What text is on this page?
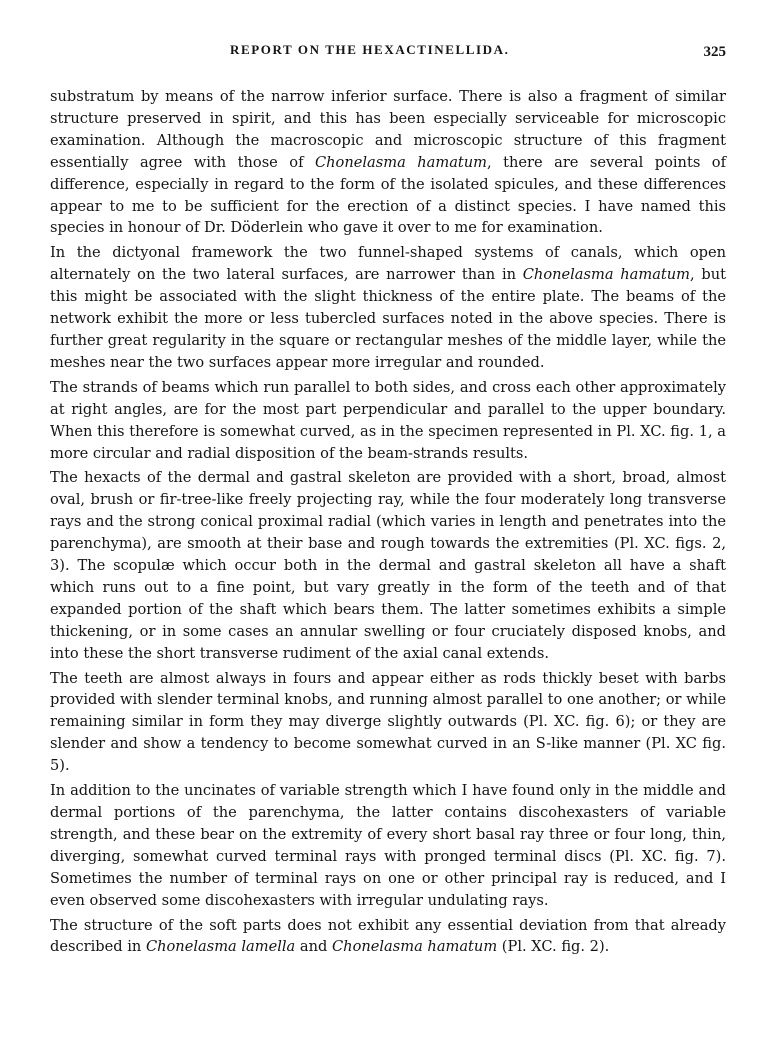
REPORT ON THE HEXACTINELLIDA.	325

substratum by means of the narrow inferior surface. There is also a fragment of similar structure preserved in spirit, and this has been especially serviceable for microscopic examination. Although the macroscopic and microscopic structure of this fragment essentially agree with those of Chonelasma hamatum, there are several points of difference, especially in regard to the form of the isolated spicules, and these differences appear to me to be sufficient for the erection of a distinct species. I have named this species in honour of Dr. Döderlein who gave it over to me for examination.

In the dictyonal framework the two funnel-shaped systems of canals, which open alternately on the two lateral surfaces, are narrower than in Chonelasma hamatum, but this might be associated with the slight thickness of the entire plate. The beams of the network exhibit the more or less tubercled surfaces noted in the above species. There is further great regularity in the square or rectangular meshes of the middle layer, while the meshes near the two surfaces appear more irregular and rounded.

The strands of beams which run parallel to both sides, and cross each other approximately at right angles, are for the most part perpendicular and parallel to the upper boundary. When this therefore is somewhat curved, as in the specimen represented in Pl. XC. fig. 1, a more circular and radial disposition of the beam-strands results.

The hexacts of the dermal and gastral skeleton are provided with a short, broad, almost oval, brush or fir-tree-like freely projecting ray, while the four moderately long transverse rays and the strong conical proximal radial (which varies in length and penetrates into the parenchyma), are smooth at their base and rough towards the extremities (Pl. XC. figs. 2, 3). The scopulæ which occur both in the dermal and gastral skeleton all have a shaft which runs out to a fine point, but vary greatly in the form of the teeth and of that expanded portion of the shaft which bears them. The latter sometimes exhibits a simple thickening, or in some cases an annular swelling or four cruciately disposed knobs, and into these the short transverse rudiment of the axial canal extends.

The teeth are almost always in fours and appear either as rods thickly beset with barbs provided with slender terminal knobs, and running almost parallel to one another; or while remaining similar in form they may diverge slightly outwards (Pl. XC. fig. 6); or they are slender and show a tendency to become somewhat curved in an S-like manner (Pl. XC fig. 5).

In addition to the uncinates of variable strength which I have found only in the middle and dermal portions of the parenchyma, the latter contains discohexasters of variable strength, and these bear on the extremity of every short basal ray three or four long, thin, diverging, somewhat curved terminal rays with pronged terminal discs (Pl. XC. fig. 7). Sometimes the number of terminal rays on one or other principal ray is reduced, and I even observed some discohexasters with irregular undulating rays.

The structure of the soft parts does not exhibit any essential deviation from that already described in Chonelasma lamella and Chonelasma hamatum (Pl. XC. fig. 2).
